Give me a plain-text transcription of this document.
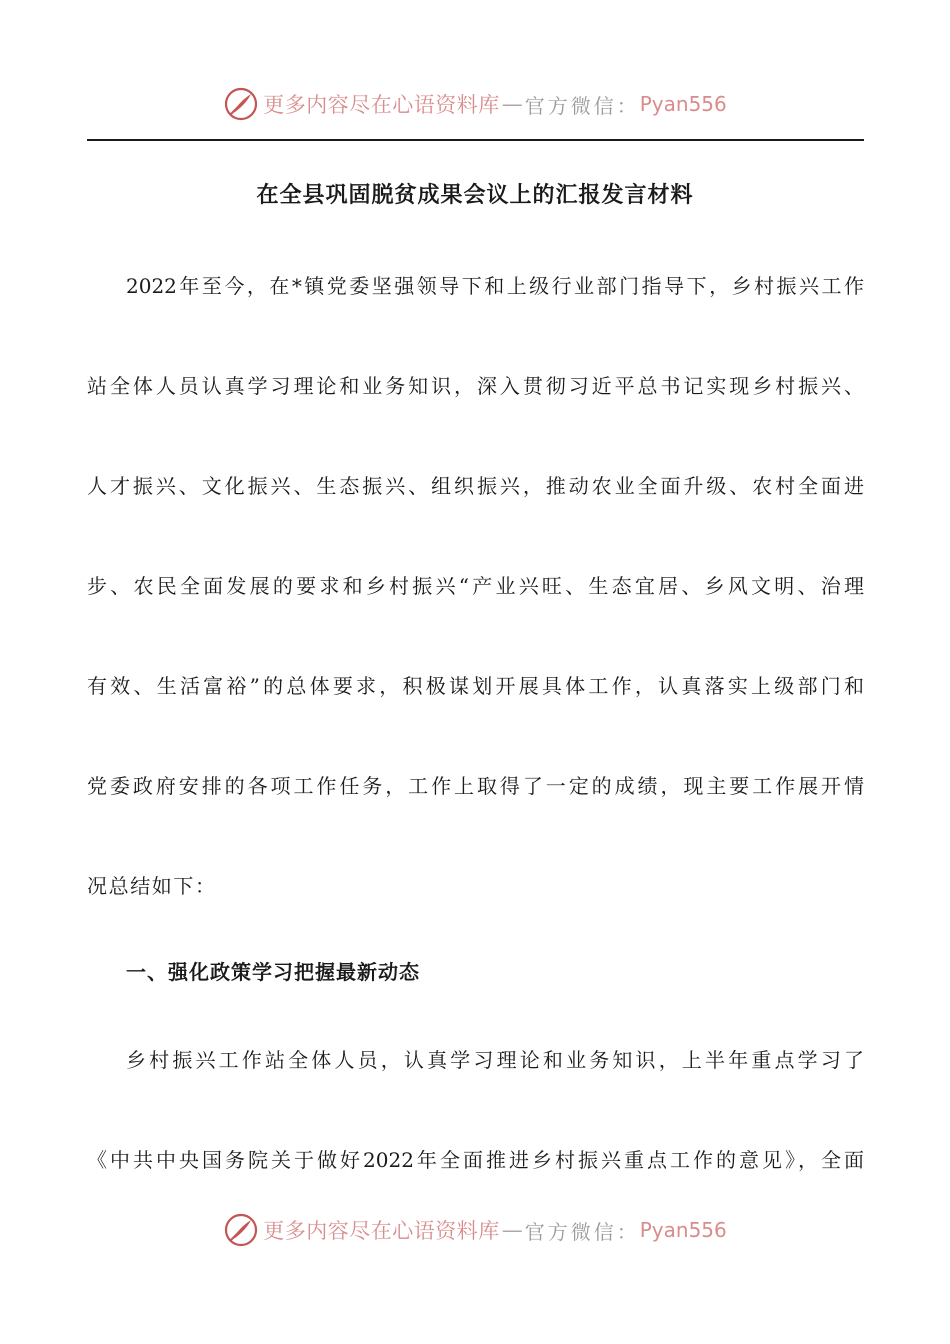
更多内容尽在心语资料库 — 官方微信： Pyan556
在全县巩固脱贫成果会议上的汇报发言材料
2022年至今，在*镇党委坚强领导下和上级行业部门指导下，乡村振兴工作
站全体人员认真学习理论和业务知识，深入贯彻习近平总书记实现乡村振兴、
人才振兴、文化振兴、生态振兴、组织振兴，推动农业全面升级、农村全面进
步、农民全面发展的要求和乡村振兴“产业兴旺、生态宜居、乡风文明、治理
有效、生活富裕”的总体要求，积极谋划开展具体工作，认真落实上级部门和
党委政府安排的各项工作任务，工作上取得了一定的成绩，现主要工作展开情
况总结如下：
一、强化政策学习把握最新动态
乡村振兴工作站全体人员，认真学习理论和业务知识，上半年重点学习了
《中共中央国务院关于做好2022年全面推进乡村振兴重点工作的意见》，全面
更多内容尽在心语资料库 — 官方微信： Pyan556
